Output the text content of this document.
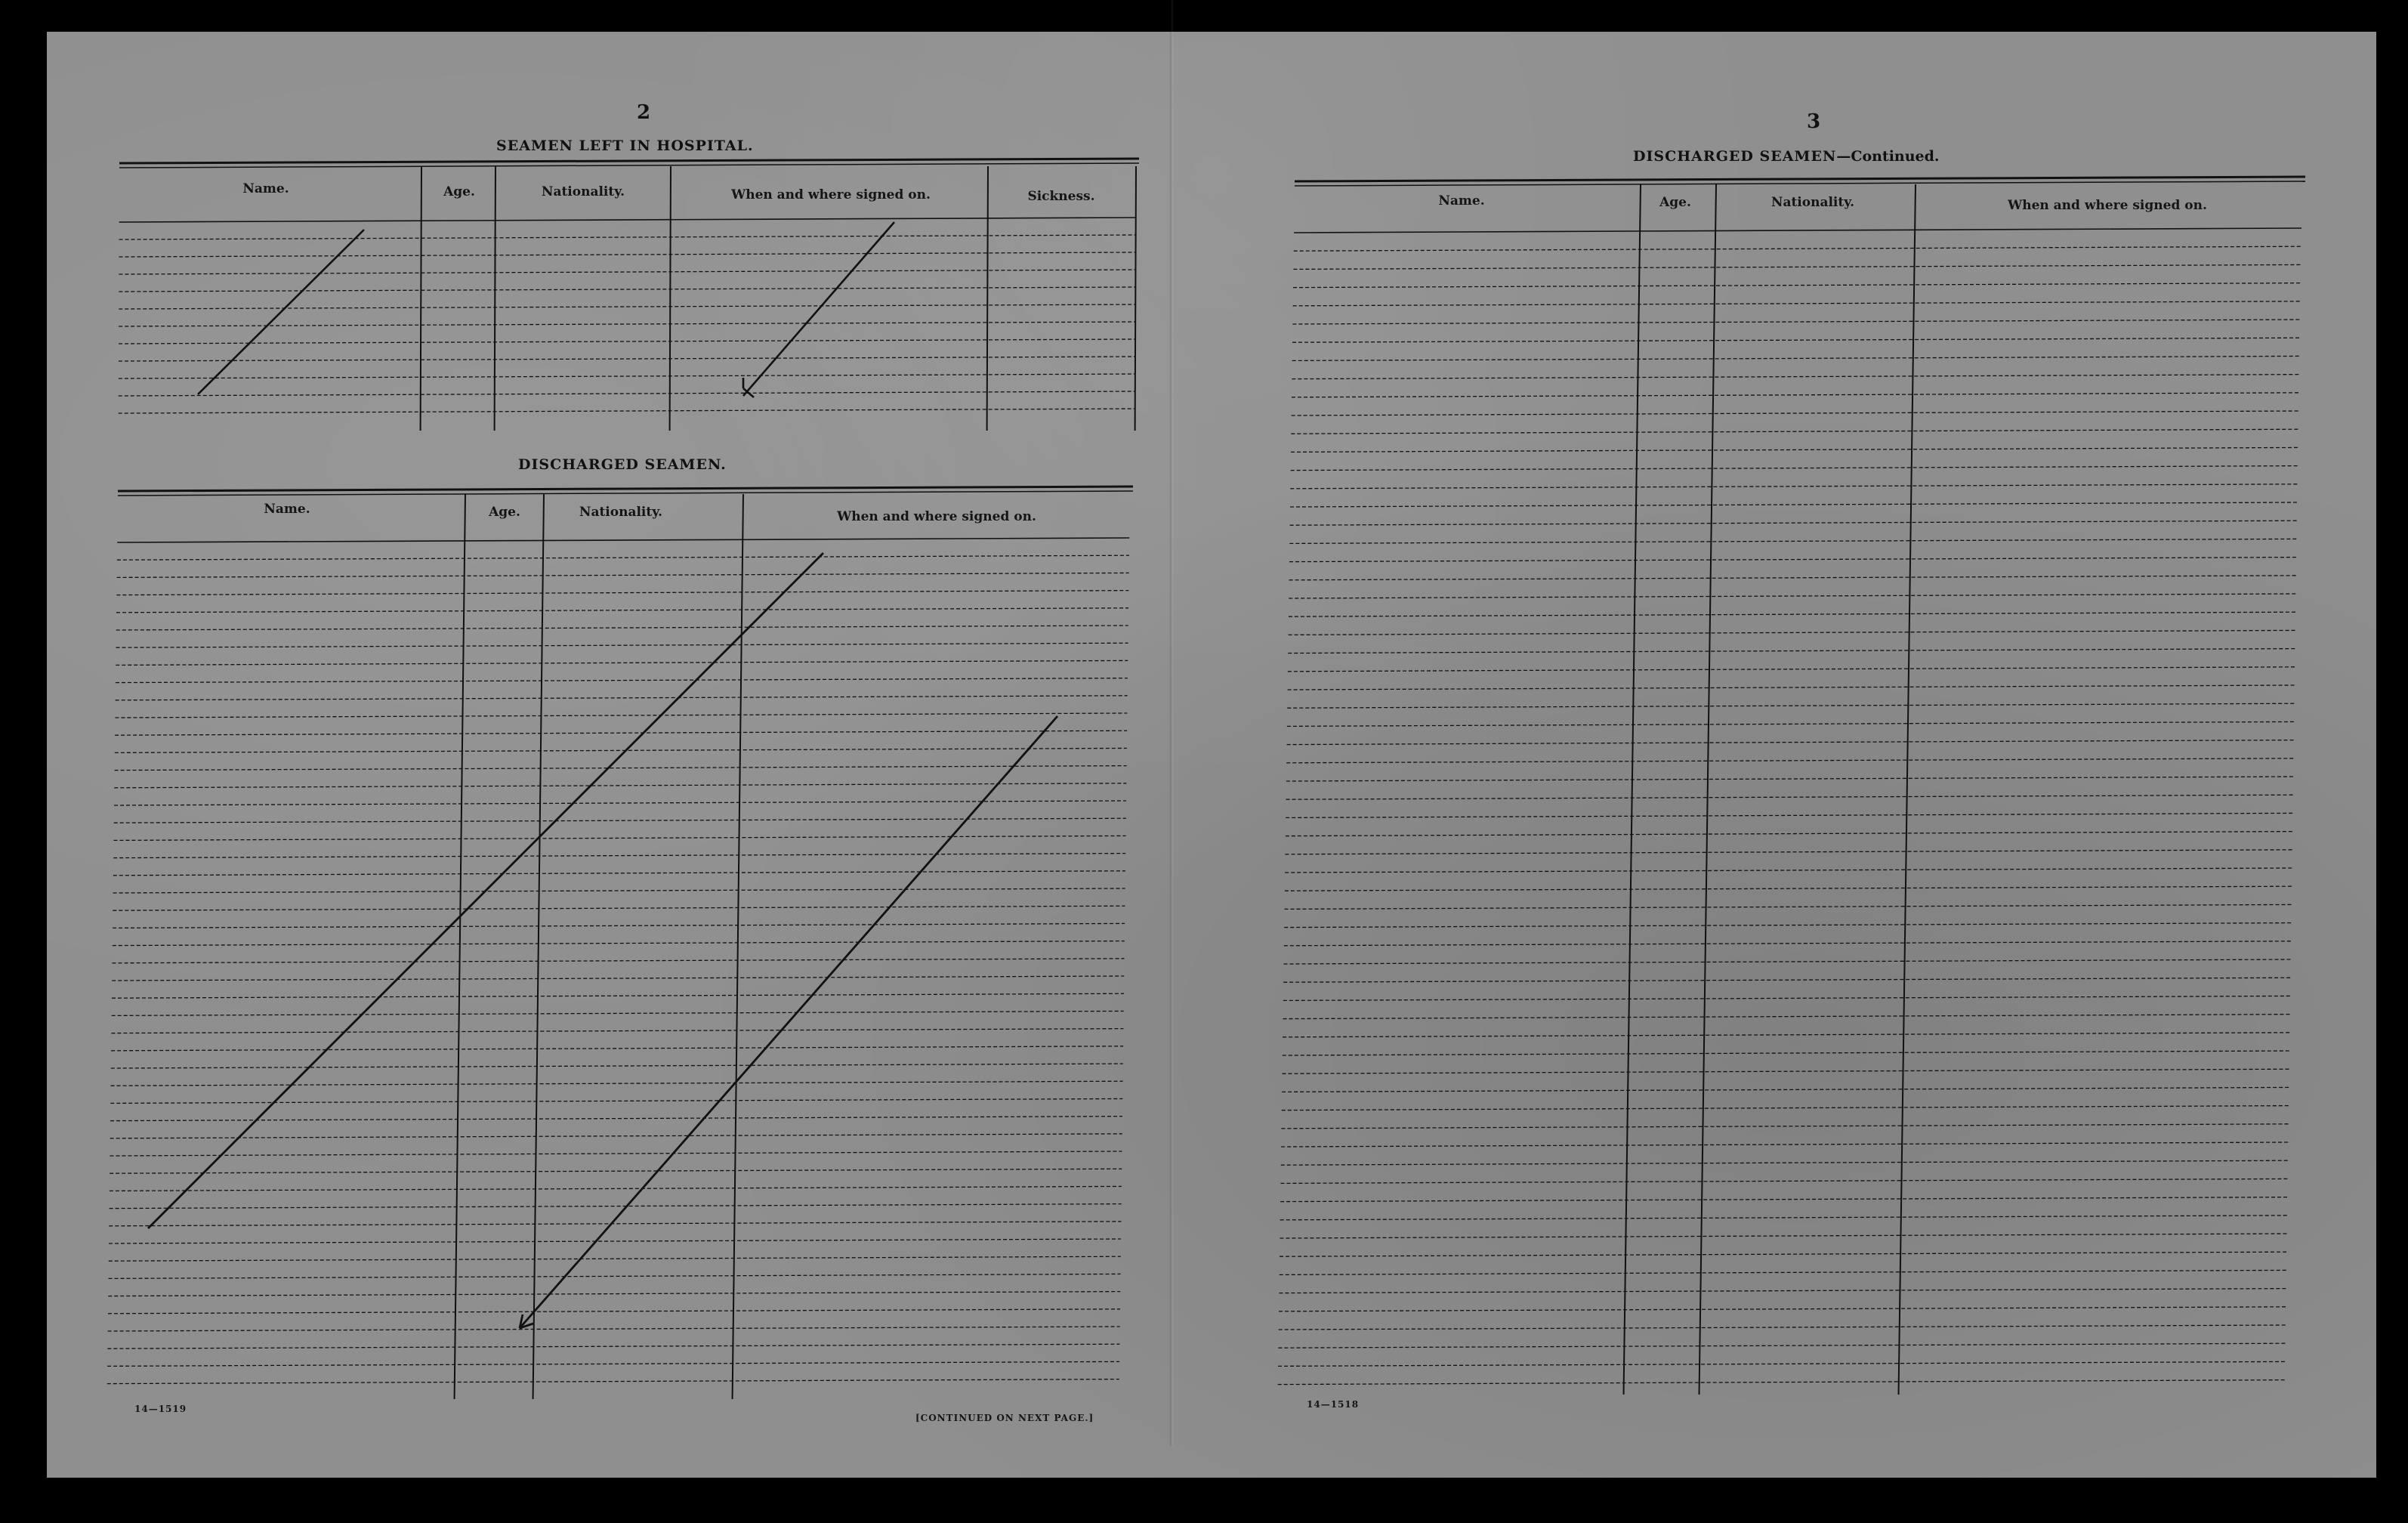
2
SEAMEN LEFT IN HOSPITAL.
Name.	Age.	Nationality.	When and where signed on.	Sickness.
DISCHARGED SEAMEN.
Name.	Age.	Nationality.	When and where signed on.
14—1519
[CONTINUED ON NEXT PAGE.]
3
DISCHARGED SEAMEN—Continued.
Name.	Age.	Nationality.	When and where signed on.
14—1518
